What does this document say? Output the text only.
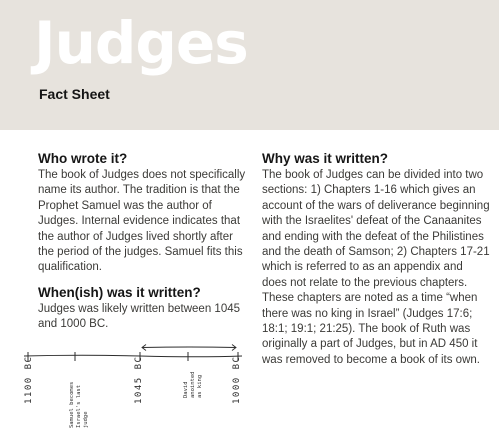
Judges
Fact Sheet
Who wrote it?

The book of Judges does not specifically name its author. The tradition is that the Prophet Samuel was the author of Judges. Internal evidence indicates that the author of Judges lived shortly after the period of the judges. Samuel fits this qualification.

When(ish) was it written?

Judges was likely written between 1045 and 1000 BC.

1100 BC
Samuel becomes Israel's last judge
1045 BC	David anointed as king	1000 BC
Why was it written?

The book of Judges can be divided into two sections: 1) Chapters 1-16 which gives an account of the wars of deliverance beginning with the Israelites' defeat of the Canaanites and ending with the defeat of the Philistines and the death of Samson; 2) Chapters 17-21 which is referred to as an appendix and does not relate to the previous chapters. These chapters are noted as a time “when there was no king in Israel” (Judges 17:6; 18:1; 19:1; 21:25). The book of Ruth was originally a part of Judges, but in AD 450 it was removed to become a book of its own.
